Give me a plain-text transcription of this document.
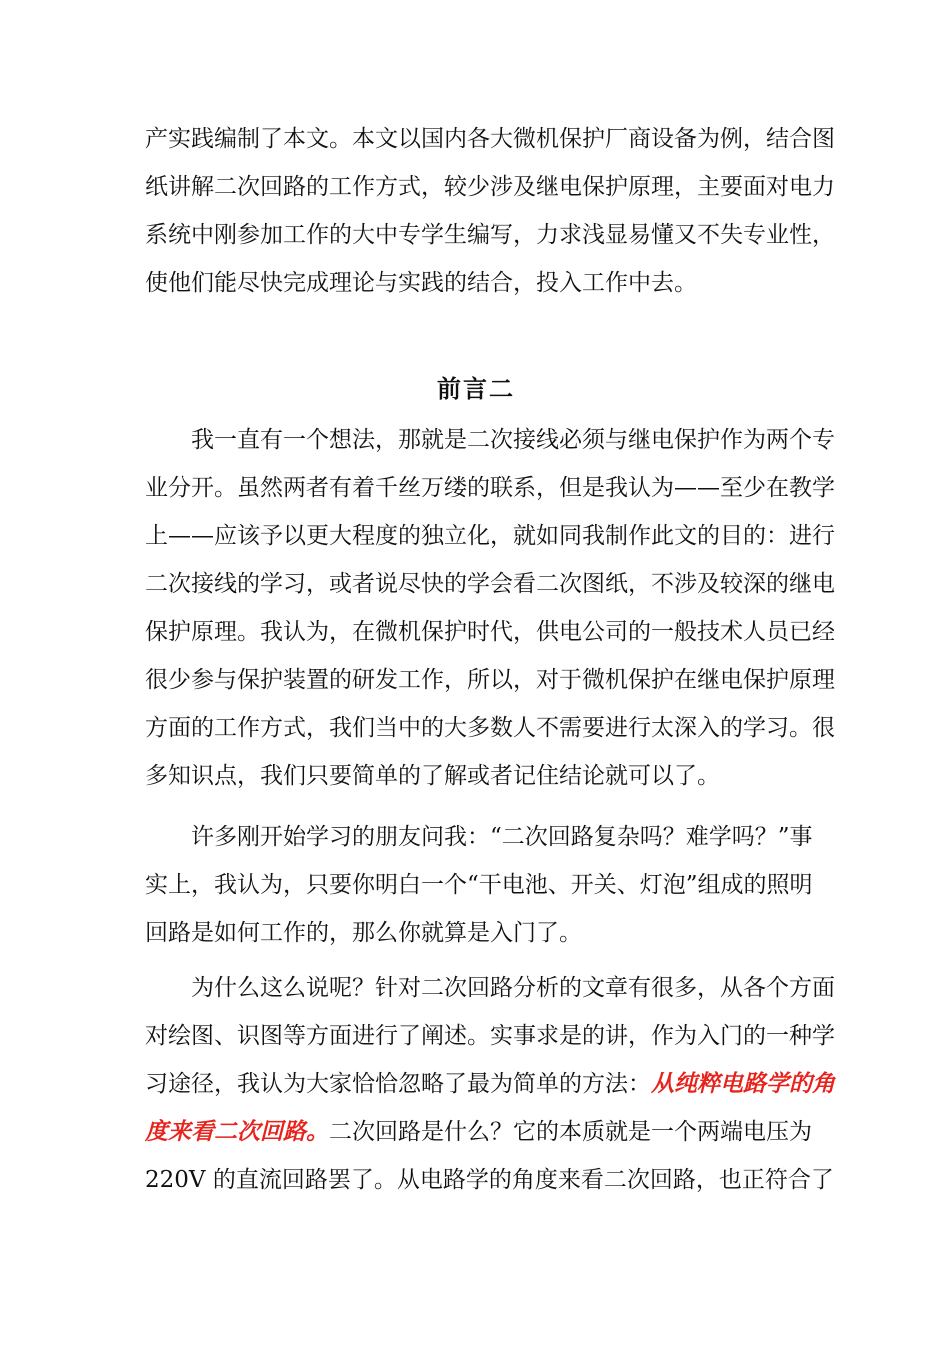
产实践编制了本文。本文以国内各大微机保护厂商设备为例，结合图
纸讲解二次回路的工作方式，较少涉及继电保护原理，主要面对电力
系统中刚参加工作的大中专学生编写，力求浅显易懂又不失专业性，
使他们能尽快完成理论与实践的结合，投入工作中去。
前言二
我一直有一个想法，那就是二次接线必须与继电保护作为两个专
业分开。虽然两者有着千丝万缕的联系，但是我认为——至少在教学
上——应该予以更大程度的独立化，就如同我制作此文的目的：进行
二次接线的学习，或者说尽快的学会看二次图纸，不涉及较深的继电
保护原理。我认为，在微机保护时代，供电公司的一般技术人员已经
很少参与保护装置的研发工作，所以，对于微机保护在继电保护原理
方面的工作方式，我们当中的大多数人不需要进行太深入的学习。很
多知识点，我们只要简单的了解或者记住结论就可以了。
许多刚开始学习的朋友问我：“二次回路复杂吗？难学吗？”事
实上，我认为，只要你明白一个“干电池、开关、灯泡”组成的照明
回路是如何工作的，那么你就算是入门了。
为什么这么说呢？针对二次回路分析的文章有很多，从各个方面
对绘图、识图等方面进行了阐述。实事求是的讲，作为入门的一种学
习途径，我认为大家恰恰忽略了最为简单的方法：从纯粹电路学的角
度来看二次回路。二次回路是什么？它的本质就是一个两端电压为
220V 的直流回路罢了。从电路学的角度来看二次回路，也正符合了
